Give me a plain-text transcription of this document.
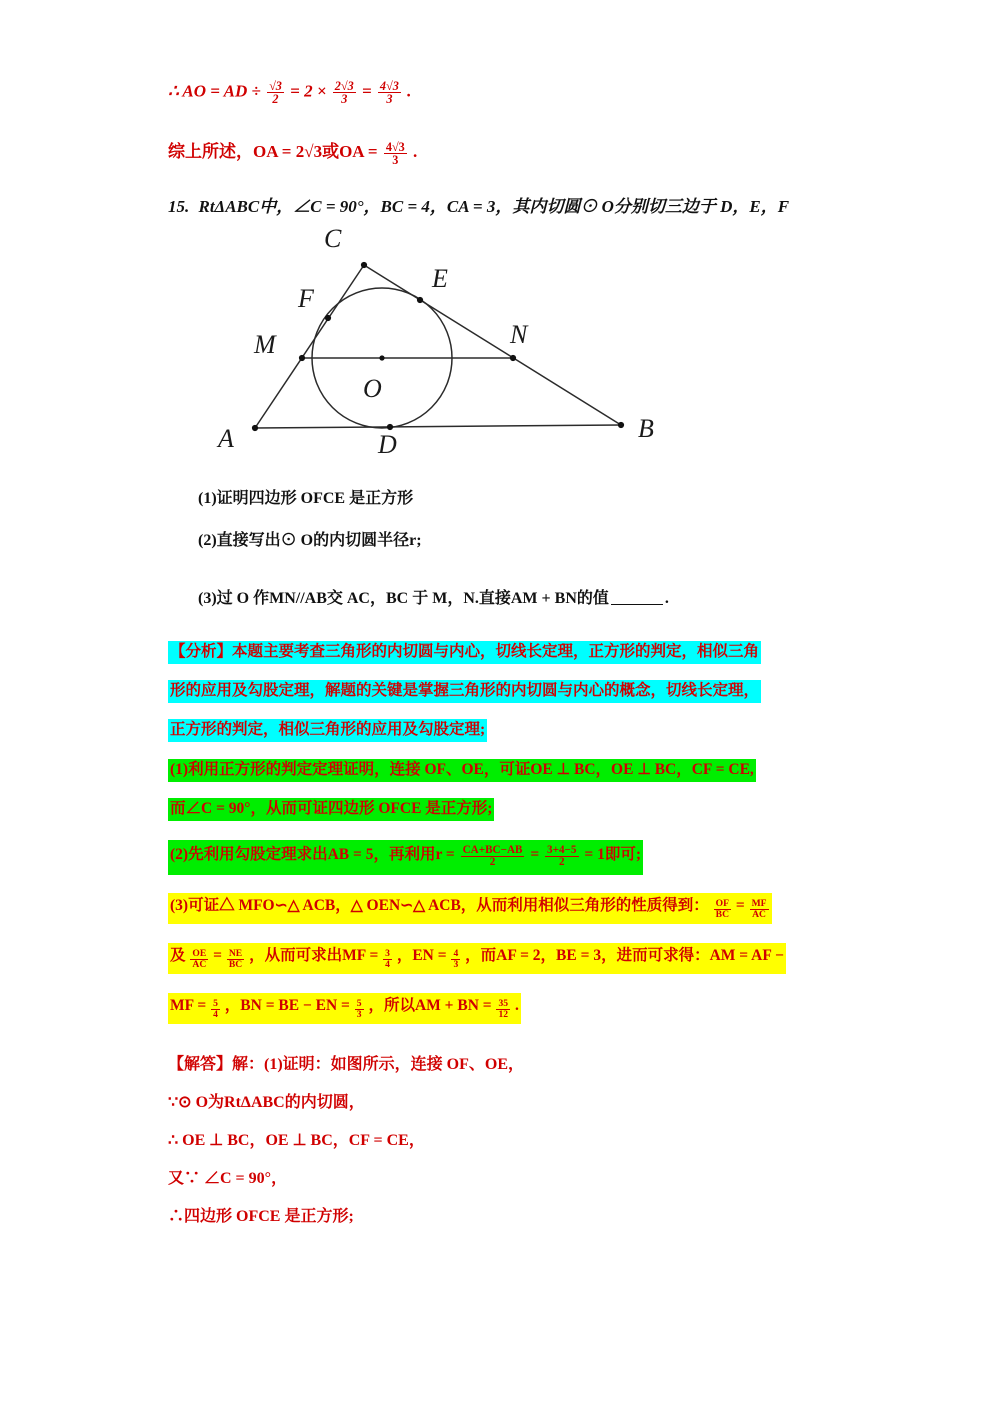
∴ AO = AD ÷ $\frac{√3}{2} = 2 \times \frac{2√3}{3} = \frac{4√3}{3}$ .
综上所述，OA = 2√3或OA = $\frac{4√3}{3}$ .
15. RtΔABC中，∠C = 90°，BC = 4，CA = 3，其内切圆⊙ O分别切三边于 D，E，F
C
E
F
N
M
O
A	D
B
(1)证明四边形 OFCE 是正方形
(2)直接写出⊙ O的内切圆半径r;
(3)过 O 作MN//AB交 AC，BC 于 M，N.直接AM + BN的值	.
【分析】本题主要考查三角形的内切圆与内心，切线长定理，正方形的判定，相似三角
形的应用及勾股定理，解题的关键是掌握三角形的内切圆与内心的概念，切线长定理，
正方形的判定，相似三角形的应用及勾股定理;
(1)利用正方形的判定定理证明，连接 OF、OE，可证OE ⊥ BC，OE ⊥ BC，CF = CE,
而∠C = 90°，从而可证四边形 OFCE 是正方形;
(2)先利用勾股定理求出AB = 5，再利用$r = \frac{CA+BC-AB}{2} = \frac{3+4-5}{2} = 1$即可;
(3)可证△ MFO∽△ ACB，△ OEN∽△ ACB，从而利用相似三角形的性质得到： $\frac{OF}{BC} = \frac{MF}{AC}$
及 $\frac{OE}{AC} = \frac{NE}{BC}$ ，从而可求出MF = $\frac{3}{4}$ ，EN = $\frac{4}{3}$ ，而AF = 2，BE = 3，进而可求得：AM = AF −
MF = $\frac{5}{4}$ ，BN = BE − EN = $\frac{5}{3}$ ，所以AM + BN = $\frac{35}{12}$ .
【解答】解：(1)证明：如图所示，连接 OF、OE，
∵⊙ O为RtΔABC的内切圆，
∴ OE ⊥ BC，OE ⊥ BC，CF = CE，
又∵ ∠C = 90°，
∴四边形 OFCE 是正方形;
